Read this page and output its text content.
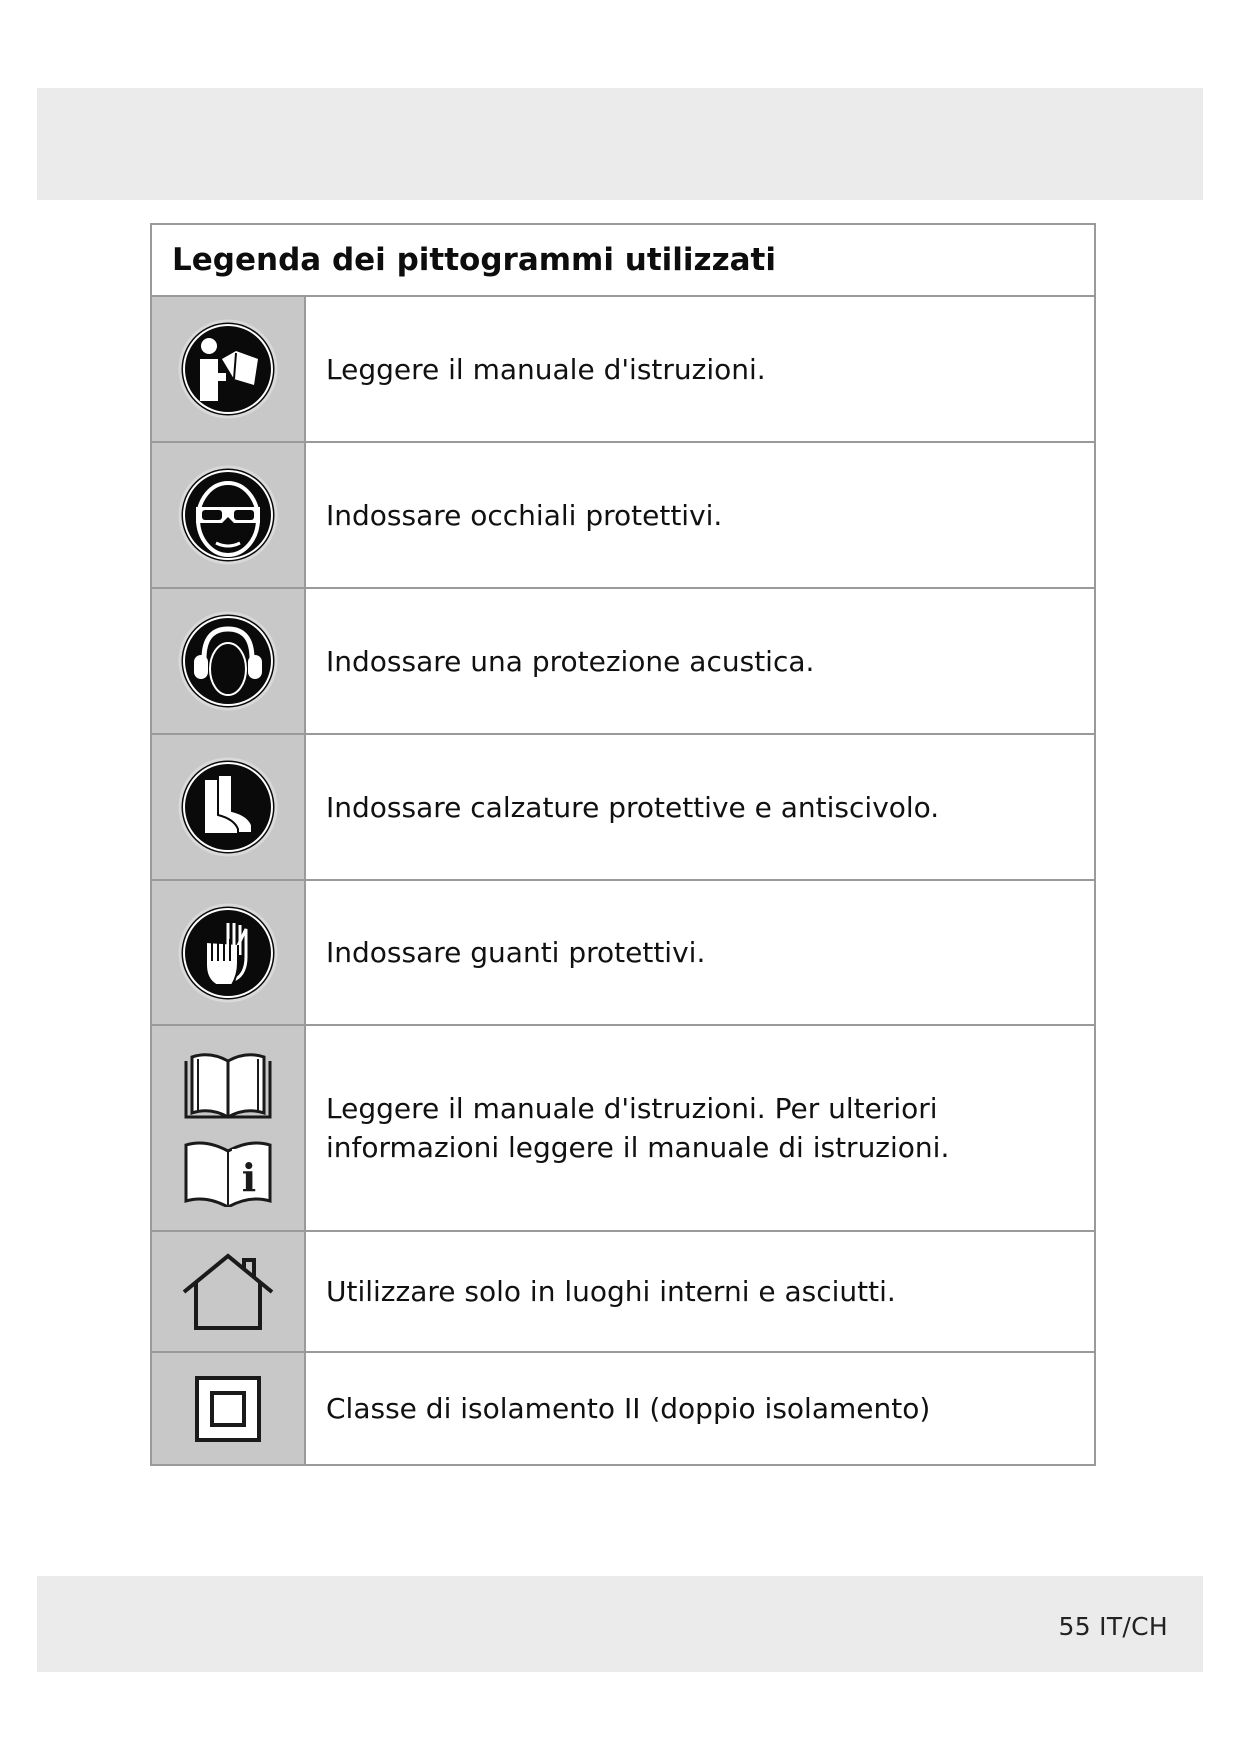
Legenda dei pittogrammi utilizzati
Leggere il manuale d'istruzioni.
Indossare occhiali protettivi.
Indossare una protezione acustica.
Indossare calzature protettive e antiscivolo.
Indossare guanti protettivi.
i
Leggere il manuale d'istruzioni. Per ulteriori informazioni leggere il manuale di istruzioni.
Utilizzare solo in luoghi interni e asciutti.
Classe di isolamento II (doppio isolamento)
55 IT/CH
